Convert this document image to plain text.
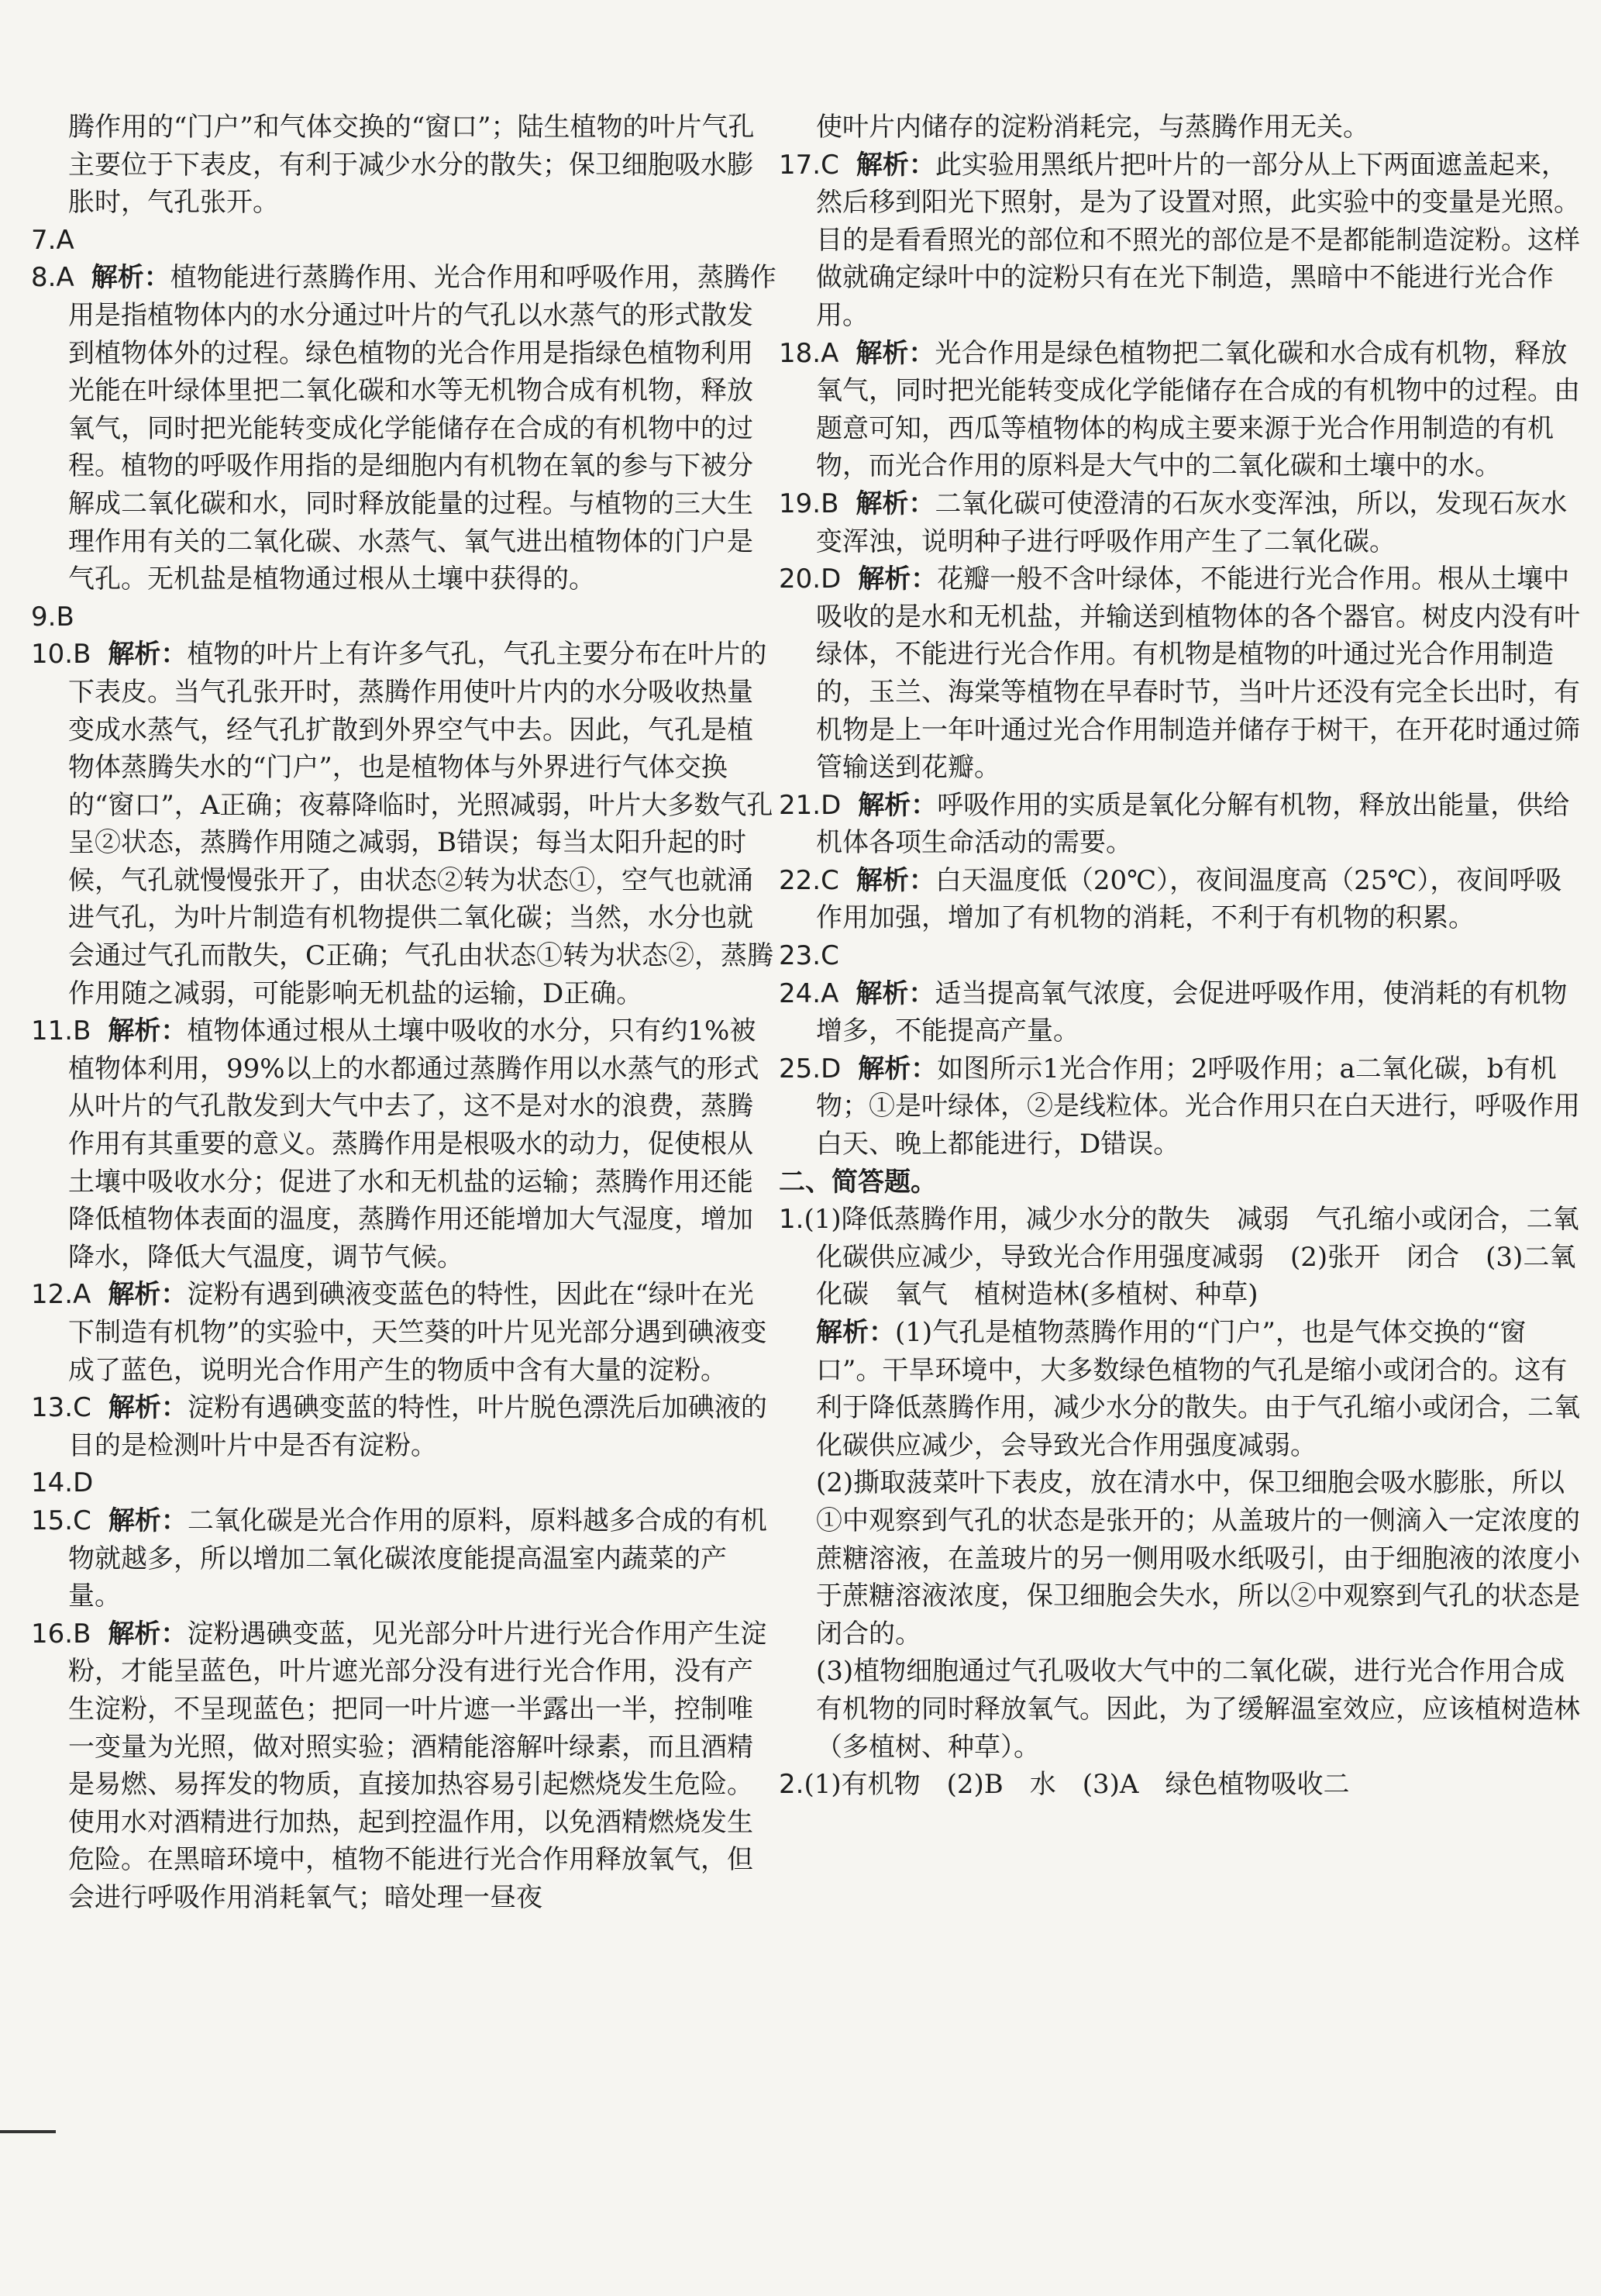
腾作用的“门户”和气体交换的“窗口”；陆生植物的叶片气孔主要位于下表皮，有利于减少水分的散失；保卫细胞吸水膨胀时，气孔张开。

7.A

8.A 解析：植物能进行蒸腾作用、光合作用和呼吸作用，蒸腾作用是指植物体内的水分通过叶片的气孔以水蒸气的形式散发到植物体外的过程。绿色植物的光合作用是指绿色植物利用光能在叶绿体里把二氧化碳和水等无机物合成有机物，释放氧气，同时把光能转变成化学能储存在合成的有机物中的过程。植物的呼吸作用指的是细胞内有机物在氧的参与下被分解成二氧化碳和水，同时释放能量的过程。与植物的三大生理作用有关的二氧化碳、水蒸气、氧气进出植物体的门户是气孔。无机盐是植物通过根从土壤中获得的。

9.B

10.B 解析：植物的叶片上有许多气孔，气孔主要分布在叶片的下表皮。当气孔张开时，蒸腾作用使叶片内的水分吸收热量变成水蒸气，经气孔扩散到外界空气中去。因此，气孔是植物体蒸腾失水的“门户”，也是植物体与外界进行气体交换的“窗口”，A正确；夜幕降临时，光照减弱，叶片大多数气孔呈②状态，蒸腾作用随之减弱，B错误；每当太阳升起的时候，气孔就慢慢张开了，由状态②转为状态①，空气也就涌进气孔，为叶片制造有机物提供二氧化碳；当然，水分也就会通过气孔而散失，C正确；气孔由状态①转为状态②，蒸腾作用随之减弱，可能影响无机盐的运输，D正确。

11.B 解析：植物体通过根从土壤中吸收的水分，只有约1%被植物体利用，99%以上的水都通过蒸腾作用以水蒸气的形式从叶片的气孔散发到大气中去了，这不是对水的浪费，蒸腾作用有其重要的意义。蒸腾作用是根吸水的动力，促使根从土壤中吸收水分；促进了水和无机盐的运输；蒸腾作用还能降低植物体表面的温度，蒸腾作用还能增加大气湿度，增加降水，降低大气温度，调节气候。

12.A 解析：淀粉有遇到碘液变蓝色的特性，因此在“绿叶在光下制造有机物”的实验中，天竺葵的叶片见光部分遇到碘液变成了蓝色，说明光合作用产生的物质中含有大量的淀粉。

13.C 解析：淀粉有遇碘变蓝的特性，叶片脱色漂洗后加碘液的目的是检测叶片中是否有淀粉。

14.D

15.C 解析：二氧化碳是光合作用的原料，原料越多合成的有机物就越多，所以增加二氧化碳浓度能提高温室内蔬菜的产量。

16.B 解析：淀粉遇碘变蓝，见光部分叶片进行光合作用产生淀粉，才能呈蓝色，叶片遮光部分没有进行光合作用，没有产生淀粉，不呈现蓝色；把同一叶片遮一半露出一半，控制唯一变量为光照，做对照实验；酒精能溶解叶绿素，而且酒精是易燃、易挥发的物质，直接加热容易引起燃烧发生危险。使用水对酒精进行加热，起到控温作用，以免酒精燃烧发生危险。在黑暗环境中，植物不能进行光合作用释放氧气，但会进行呼吸作用消耗氧气；暗处理一昼夜

使叶片内储存的淀粉消耗完，与蒸腾作用无关。

17.C 解析：此实验用黑纸片把叶片的一部分从上下两面遮盖起来，然后移到阳光下照射，是为了设置对照，此实验中的变量是光照。目的是看看照光的部位和不照光的部位是不是都能制造淀粉。这样做就确定绿叶中的淀粉只有在光下制造，黑暗中不能进行光合作用。

18.A 解析：光合作用是绿色植物把二氧化碳和水合成有机物，释放氧气，同时把光能转变成化学能储存在合成的有机物中的过程。由题意可知，西瓜等植物体的构成主要来源于光合作用制造的有机物，而光合作用的原料是大气中的二氧化碳和土壤中的水。

19.B 解析：二氧化碳可使澄清的石灰水变浑浊，所以，发现石灰水变浑浊，说明种子进行呼吸作用产生了二氧化碳。

20.D 解析：花瓣一般不含叶绿体，不能进行光合作用。根从土壤中吸收的是水和无机盐，并输送到植物体的各个器官。树皮内没有叶绿体，不能进行光合作用。有机物是植物的叶通过光合作用制造的，玉兰、海棠等植物在早春时节，当叶片还没有完全长出时，有机物是上一年叶通过光合作用制造并储存于树干，在开花时通过筛管输送到花瓣。

21.D 解析：呼吸作用的实质是氧化分解有机物，释放出能量，供给机体各项生命活动的需要。

22.C 解析：白天温度低（20℃），夜间温度高（25℃），夜间呼吸作用加强，增加了有机物的消耗，不利于有机物的积累。

23.C

24.A 解析：适当提高氧气浓度，会促进呼吸作用，使消耗的有机物增多，不能提高产量。

25.D 解析：如图所示1光合作用；2呼吸作用；a二氧化碳，b有机物；①是叶绿体，②是线粒体。光合作用只在白天进行，呼吸作用白天、晚上都能进行，D错误。

二、简答题。

1.(1)降低蒸腾作用，减少水分的散失　减弱　气孔缩小或闭合，二氧化碳供应减少，导致光合作用强度减弱　(2)张开　闭合　(3)二氧化碳　氧气　植树造林(多植树、种草)

解析：(1)气孔是植物蒸腾作用的“门户”，也是气体交换的“窗口”。干旱环境中，大多数绿色植物的气孔是缩小或闭合的。这有利于降低蒸腾作用，减少水分的散失。由于气孔缩小或闭合，二氧化碳供应减少，会导致光合作用强度减弱。

(2)撕取菠菜叶下表皮，放在清水中，保卫细胞会吸水膨胀，所以①中观察到气孔的状态是张开的；从盖玻片的一侧滴入一定浓度的蔗糖溶液，在盖玻片的另一侧用吸水纸吸引，由于细胞液的浓度小于蔗糖溶液浓度，保卫细胞会失水，所以②中观察到气孔的状态是闭合的。

(3)植物细胞通过气孔吸收大气中的二氧化碳，进行光合作用合成有机物的同时释放氧气。因此，为了缓解温室效应，应该植树造林（多植树、种草）。

2.(1)有机物　(2)B　水　(3)A　绿色植物吸收二
